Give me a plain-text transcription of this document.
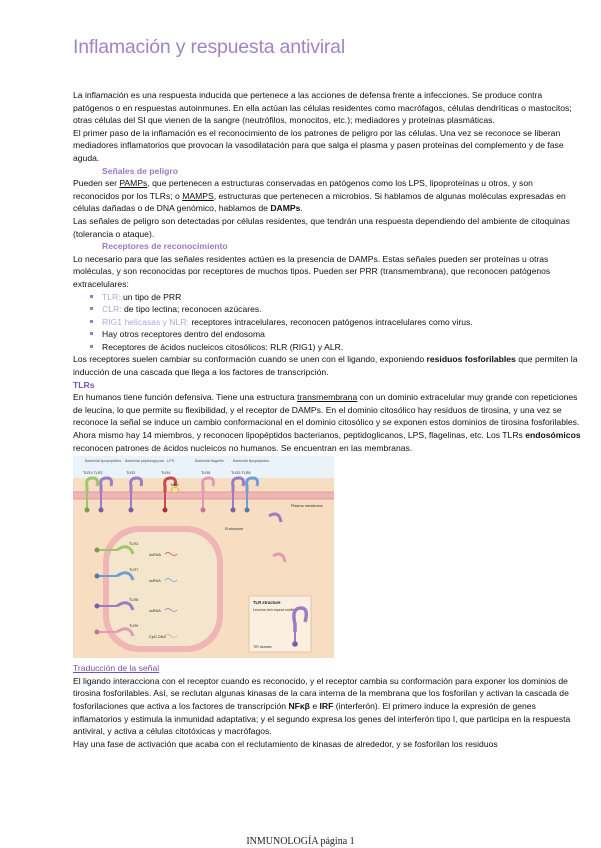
Inflamación y respuesta antiviral

La inflamación es una respuesta inducida que pertenece a las acciones de defensa frente a infecciones. Se produce contra patógenos o en respuestas autoinmunes. En ella actúan las células residentes como macrófagos, células dendríticas o mastocitos; otras células del SI que vienen de la sangre (neutrófilos, monocitos, etc.); mediadores y proteínas plasmáticas.

El primer paso de la inflamación es el reconocimiento de los patrones de peligro por las células. Una vez se reconoce se liberan mediadores inflamatorios que provocan la vasodilatación para que salga el plasma y pasen proteínas del complemento y de fase aguda.

Señales de peligro

Pueden ser PAMPs, que pertenecen a estructuras conservadas en patógenos como los LPS, lipoproteínas u otros, y son reconocidos por los TLRs; o MAMPS, estructuras que pertenecen a microbios. Si hablamos de algunas moléculas expresadas en células dañadas o de DNA genómico, hablamos de DAMPs.

Las señales de peligro son detectadas por células residentes, que tendrán una respuesta dependiendo del ambiente de citoquinas (tolerancia o ataque).

Receptores de reconocimiento

Lo necesario para que las señales residentes actúen es la presencia de DAMPs. Estas señales pueden ser proteínas u otras moléculas, y son reconocidas por receptores de muchos tipos. Pueden ser PRR (transmembrana), que reconocen patógenos extracelulares:

TLR: un tipo de PRR
CLR: de tipo lectina; reconocen azúcares.
RIG1 helicasas y NLR: receptores intracelulares, reconocen patógenos intracelulares como virus.
Hay otros receptores dentro del endosoma
Receptores de ácidos nucleicos citosólicos: RLR (RIG1) y ALR.

Los receptores suelen cambiar su conformación cuando se unen con el ligando, exponiendo residuos fosforilables que permiten la inducción de una cascada que llega a los factores de transcripción.

TLRs

En humanos tiene función defensiva. Tiene una estructura transmembrana con un dominio extracelular muy grande con repeticiones de leucina, lo que permite su flexibilidad, y el receptor de DAMPs. En el dominio citosólico hay residuos de tirosina, y una vez se reconoce la señal se induce un cambio conformacional en el dominio citosólico y se exponen estos dominios de tirosina fosforilables.

Ahora mismo hay 14 miembros, y reconocen lipopéptidos bacterianos, peptidoglicanos, LPS, flagelinas, etc. Los TLRs endosómicos reconocen patrones de ácidos nucleicos no humanos. Se encuentran en las membranas.

Bacterial lipopeptides Bacterial peptidoglycan LPS	Bacterial flagellin Bacterial lipopeptides
TLR1:TLR2	TLR2	TLR4	TLR5	TLR2:TLR6
MD2
Plasma membrane
Endosome
TLR3
TLR7
TLR8
TLR9
dsRNA
ssRNA
ssRNA
CpG DNA
TLR structure
Leucine-rich repeat motifs
TIR domain

Traducción de la señal

El ligando interacciona con el receptor cuando es reconocido, y el receptor cambia su conformación para exponer los dominios de tirosina fosforilables. Así, se reclutan algunas kinasas de la cara interna de la membrana que los fosforilan y activan la cascada de fosforilaciones que activa a los factores de transcripción NFκβ e IRF (interferón). El primero induce la expresión de genes inflamatorios y estimula la inmunidad adaptativa; y el segundo expresa los genes del interferón tipo I, que participa en la respuesta antiviral, y activa a células citotóxicas y macrófagos.

Hay una fase de activación que acaba con el reclutamiento de kinasas de alrededor, y se fosforilan los residuos

INMUNOLOGÍA página 1
